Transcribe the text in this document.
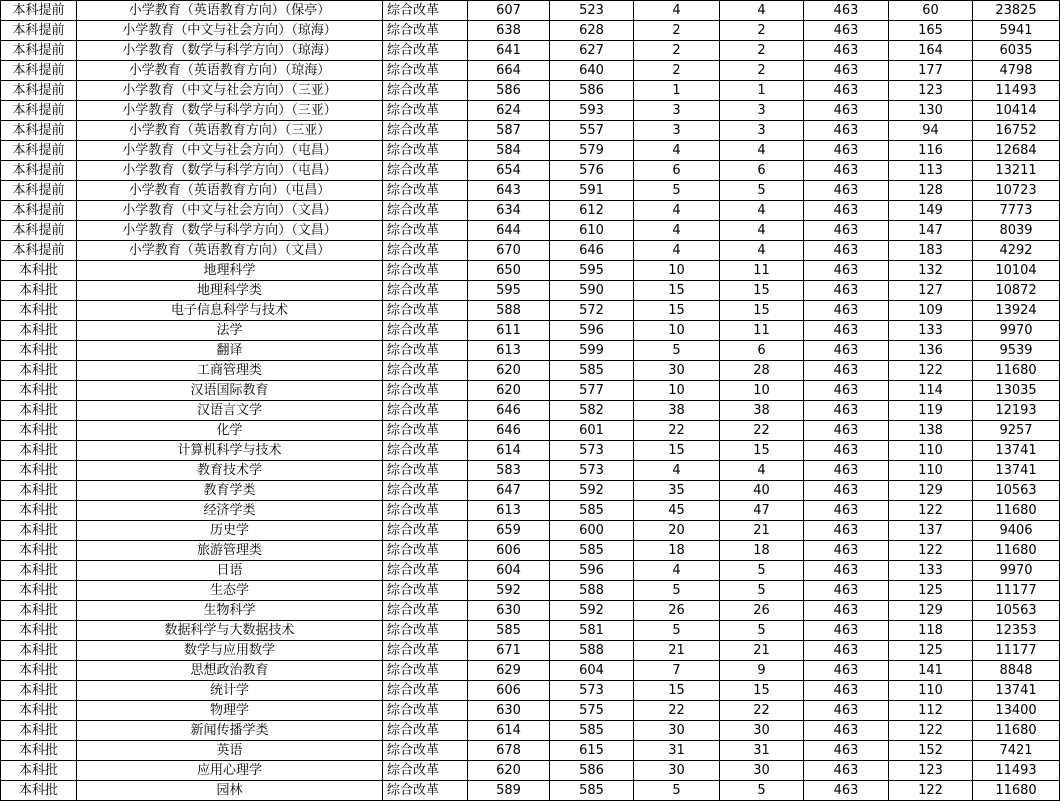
本科提前	小学教育（英语教育方向）（保亭）	综合改革	607	523	4	4	463	60	23825
本科提前	小学教育（中文与社会方向）（琼海）	综合改革	638	628	2	2	463	165	5941
本科提前	小学教育（数学与科学方向）（琼海）	综合改革	641	627	2	2	463	164	6035
本科提前	小学教育（英语教育方向）（琼海）	综合改革	664	640	2	2	463	177	4798
本科提前	小学教育（中文与社会方向）（三亚）	综合改革	586	586	1	1	463	123	11493
本科提前	小学教育（数学与科学方向）（三亚）	综合改革	624	593	3	3	463	130	10414
本科提前	小学教育（英语教育方向）（三亚）	综合改革	587	557	3	3	463	94	16752
本科提前	小学教育（中文与社会方向）（屯昌）	综合改革	584	579	4	4	463	116	12684
本科提前	小学教育（数学与科学方向）（屯昌）	综合改革	654	576	6	6	463	113	13211
本科提前	小学教育（英语教育方向）（屯昌）	综合改革	643	591	5	5	463	128	10723
本科提前	小学教育（中文与社会方向）（文昌）	综合改革	634	612	4	4	463	149	7773
本科提前	小学教育（数学与科学方向）（文昌）	综合改革	644	610	4	4	463	147	8039
本科提前	小学教育（英语教育方向）（文昌）	综合改革	670	646	4	4	463	183	4292
本科批	地理科学	综合改革	650	595	10	11	463	132	10104
本科批	地理科学类	综合改革	595	590	15	15	463	127	10872
本科批	电子信息科学与技术	综合改革	588	572	15	15	463	109	13924
本科批	法学	综合改革	611	596	10	11	463	133	9970
本科批	翻译	综合改革	613	599	5	6	463	136	9539
本科批	工商管理类	综合改革	620	585	30	28	463	122	11680
本科批	汉语国际教育	综合改革	620	577	10	10	463	114	13035
本科批	汉语言文学	综合改革	646	582	38	38	463	119	12193
本科批	化学	综合改革	646	601	22	22	463	138	9257
本科批	计算机科学与技术	综合改革	614	573	15	15	463	110	13741
本科批	教育技术学	综合改革	583	573	4	4	463	110	13741
本科批	教育学类	综合改革	647	592	35	40	463	129	10563
本科批	经济学类	综合改革	613	585	45	47	463	122	11680
本科批	历史学	综合改革	659	600	20	21	463	137	9406
本科批	旅游管理类	综合改革	606	585	18	18	463	122	11680
本科批	日语	综合改革	604	596	4	5	463	133	9970
本科批	生态学	综合改革	592	588	5	5	463	125	11177
本科批	生物科学	综合改革	630	592	26	26	463	129	10563
本科批	数据科学与大数据技术	综合改革	585	581	5	5	463	118	12353
本科批	数学与应用数学	综合改革	671	588	21	21	463	125	11177
本科批	思想政治教育	综合改革	629	604	7	9	463	141	8848
本科批	统计学	综合改革	606	573	15	15	463	110	13741
本科批	物理学	综合改革	630	575	22	22	463	112	13400
本科批	新闻传播学类	综合改革	614	585	30	30	463	122	11680
本科批	英语	综合改革	678	615	31	31	463	152	7421
本科批	应用心理学	综合改革	620	586	30	30	463	123	11493
本科批	园林	综合改革	589	585	5	5	463	122	11680
